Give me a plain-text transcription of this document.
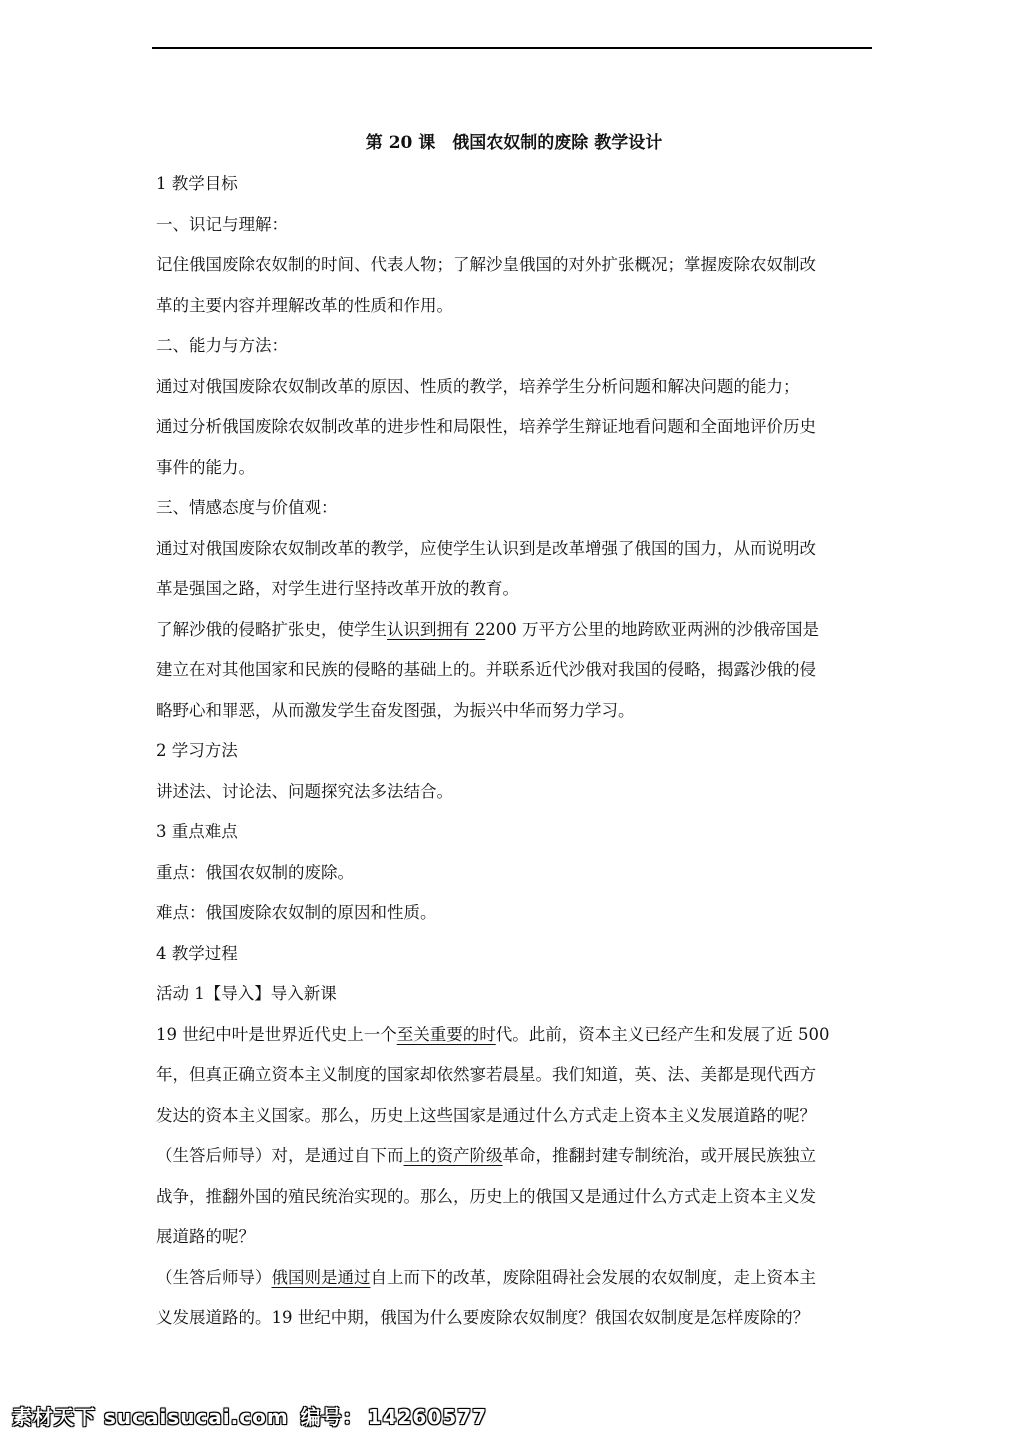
第 20 课　俄国农奴制的废除 教学设计
1 教学目标
一、识记与理解：
记住俄国废除农奴制的时间、代表人物；了解沙皇俄国的对外扩张概况；掌握废除农奴制改
革的主要内容并理解改革的性质和作用。
二、能力与方法：
通过对俄国废除农奴制改革的原因、性质的教学，培养学生分析问题和解决问题的能力；
通过分析俄国废除农奴制改革的进步性和局限性，培养学生辩证地看问题和全面地评价历史
事件的能力。
三、情感态度与价值观：
通过对俄国废除农奴制改革的教学，应使学生认识到是改革增强了俄国的国力，从而说明改
革是强国之路，对学生进行坚持改革开放的教育。
了解沙俄的侵略扩张史，使学生认识到拥有 2200 万平方公里的地跨欧亚两洲的沙俄帝国是
建立在对其他国家和民族的侵略的基础上的。并联系近代沙俄对我国的侵略，揭露沙俄的侵
略野心和罪恶，从而激发学生奋发图强，为振兴中华而努力学习。
2 学习方法
讲述法、讨论法、问题探究法多法结合。
3 重点难点
重点：俄国农奴制的废除。
难点：俄国废除农奴制的原因和性质。
4 教学过程
活动 1【导入】导入新课
19 世纪中叶是世界近代史上一个至关重要的时代。此前，资本主义已经产生和发展了近 500
年，但真正确立资本主义制度的国家却依然寥若晨星。我们知道，英、法、美都是现代西方
发达的资本主义国家。那么，历史上这些国家是通过什么方式走上资本主义发展道路的呢？
（生答后师导）对，是通过自下而上的资产阶级革命，推翻封建专制统治，或开展民族独立
战争，推翻外国的殖民统治实现的。那么，历史上的俄国又是通过什么方式走上资本主义发
展道路的呢？
（生答后师导）俄国则是通过自上而下的改革，废除阻碍社会发展的农奴制度，走上资本主
义发展道路的。19 世纪中期，俄国为什么要废除农奴制度？俄国农奴制度是怎样废除的？
素材天下 sucaisucai.com 编号： 14260577
